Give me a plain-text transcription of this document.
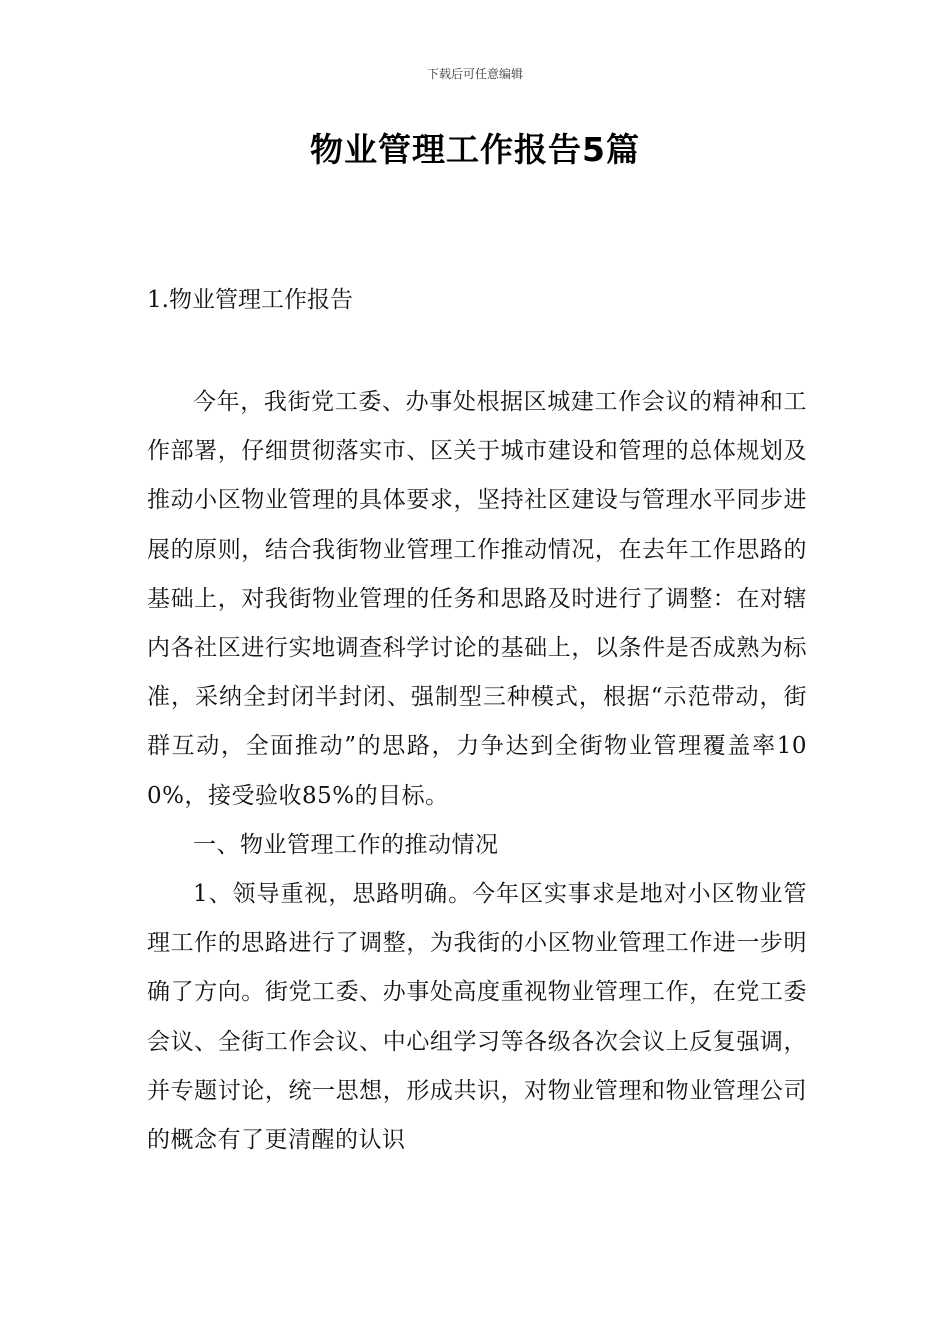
下载后可任意编辑
物业管理工作报告5篇
1.物业管理工作报告

今年，我街党工委、办事处根据区城建工作会议的精神和工作部署，仔细贯彻落实市、区关于城市建设和管理的总体规划及推动小区物业管理的具体要求，坚持社区建设与管理水平同步进展的原则，结合我街物业管理工作推动情况，在去年工作思路的基础上，对我街物业管理的任务和思路及时进行了调整：在对辖内各社区进行实地调查科学讨论的基础上，以条件是否成熟为标准，采纳全封闭半封闭、强制型三种模式，根据“示范带动，街群互动，全面推动”的思路，力争达到全街物业管理覆盖率100%，接受验收85%的目标。

一、物业管理工作的推动情况

1、领导重视，思路明确。今年区实事求是地对小区物业管理工作的思路进行了调整，为我街的小区物业管理工作进一步明确了方向。街党工委、办事处高度重视物业管理工作，在党工委会议、全街工作会议、中心组学习等各级各次会议上反复强调，并专题讨论，统一思想，形成共识，对物业管理和物业管理公司的概念有了更清醒的认识
